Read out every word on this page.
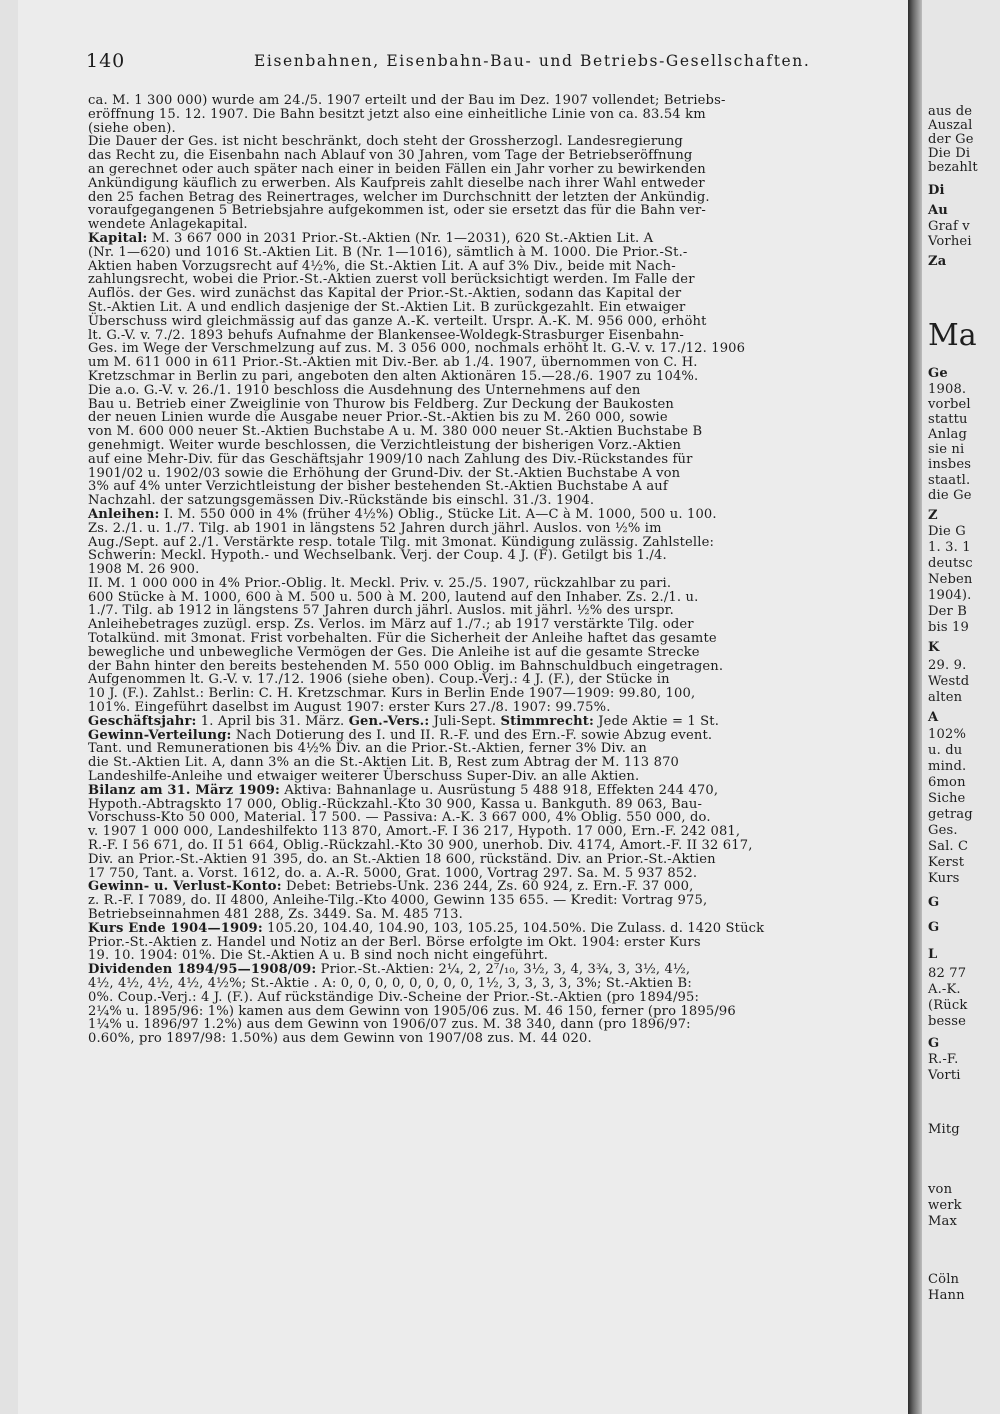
140	Eisenbahnen, Eisenbahn-Bau- und Betriebs-Gesellschaften.
ca. M. 1 300 000) wurde am 24./5. 1907 erteilt und der Bau im Dez. 1907 vollendet; Betriebs-
eröffnung 15. 12. 1907. Die Bahn besitzt jetzt also eine einheitliche Linie von ca. 83.54 km
(siehe oben).
Die Dauer der Ges. ist nicht beschränkt, doch steht der Grossherzogl. Landesregierung
das Recht zu, die Eisenbahn nach Ablauf von 30 Jahren, vom Tage der Betriebseröffnung
an gerechnet oder auch später nach einer in beiden Fällen ein Jahr vorher zu bewirkenden
Ankündigung käuflich zu erwerben. Als Kaufpreis zahlt dieselbe nach ihrer Wahl entweder
den 25 fachen Betrag des Reinertrages, welcher im Durchschnitt der letzten der Ankündig.
voraufgegangenen 5 Betriebsjahre aufgekommen ist, oder sie ersetzt das für die Bahn ver-
wendete Anlagekapital.
Kapital: M. 3 667 000 in 2031 Prior.-St.-Aktien (Nr. 1—2031), 620 St.-Aktien Lit. A
(Nr. 1—620) und 1016 St.-Aktien Lit. B (Nr. 1—1016), sämtlich à M. 1000. Die Prior.-St.-
Aktien haben Vorzugsrecht auf 4½%, die St.-Aktien Lit. A auf 3% Div., beide mit Nach-
zahlungsrecht, wobei die Prior.-St.-Aktien zuerst voll berücksichtigt werden. Im Falle der
Auflös. der Ges. wird zunächst das Kapital der Prior.-St.-Aktien, sodann das Kapital der
St.-Aktien Lit. A und endlich dasjenige der St.-Aktien Lit. B zurückgezahlt. Ein etwaiger
Überschuss wird gleichmässig auf das ganze A.-K. verteilt. Urspr. A.-K. M. 956 000, erhöht
lt. G.-V. v. 7./2. 1893 behufs Aufnahme der Blankensee-Woldegk-Strasburger Eisenbahn-
Ges. im Wege der Verschmelzung auf zus. M. 3 056 000, nochmals erhöht lt. G.-V. v. 17./12. 1906
um M. 611 000 in 611 Prior.-St.-Aktien mit Div.-Ber. ab 1./4. 1907, übernommen von C. H.
Kretzschmar in Berlin zu pari, angeboten den alten Aktionären 15.—28./6. 1907 zu 104%.
Die a.o. G.-V. v. 26./1. 1910 beschloss die Ausdehnung des Unternehmens auf den
Bau u. Betrieb einer Zweiglinie von Thurow bis Feldberg. Zur Deckung der Baukosten
der neuen Linien wurde die Ausgabe neuer Prior.-St.-Aktien bis zu M. 260 000, sowie
von M. 600 000 neuer St.-Aktien Buchstabe A u. M. 380 000 neuer St.-Aktien Buchstabe B
genehmigt. Weiter wurde beschlossen, die Verzichtleistung der bisherigen Vorz.-Aktien
auf eine Mehr-Div. für das Geschäftsjahr 1909/10 nach Zahlung des Div.-Rückstandes für
1901/02 u. 1902/03 sowie die Erhöhung der Grund-Div. der St.-Aktien Buchstabe A von
3% auf 4% unter Verzichtleistung der bisher bestehenden St.-Aktien Buchstabe A auf
Nachzahl. der satzungsgemässen Div.-Rückstände bis einschl. 31./3. 1904.
Anleihen: I. M. 550 000 in 4% (früher 4½%) Oblig., Stücke Lit. A—C à M. 1000, 500 u. 100.
Zs. 2./1. u. 1./7. Tilg. ab 1901 in längstens 52 Jahren durch jährl. Auslos. von ½% im
Aug./Sept. auf 2./1. Verstärkte resp. totale Tilg. mit 3monat. Kündigung zulässig. Zahlstelle:
Schwerin: Meckl. Hypoth.- und Wechselbank. Verj. der Coup. 4 J. (F). Getilgt bis 1./4.
1908 M. 26 900.
II. M. 1 000 000 in 4% Prior.-Oblig. lt. Meckl. Priv. v. 25./5. 1907, rückzahlbar zu pari.
600 Stücke à M. 1000, 600 à M. 500 u. 500 à M. 200, lautend auf den Inhaber. Zs. 2./1. u.
1./7. Tilg. ab 1912 in längstens 57 Jahren durch jährl. Auslos. mit jährl. ½% des urspr.
Anleihebetrages zuzügl. ersp. Zs. Verlos. im März auf 1./7.; ab 1917 verstärkte Tilg. oder
Totalkünd. mit 3monat. Frist vorbehalten. Für die Sicherheit der Anleihe haftet das gesamte
bewegliche und unbewegliche Vermögen der Ges. Die Anleihe ist auf die gesamte Strecke
der Bahn hinter den bereits bestehenden M. 550 000 Oblig. im Bahnschuldbuch eingetragen.
Aufgenommen lt. G.-V. v. 17./12. 1906 (siehe oben). Coup.-Verj.: 4 J. (F.), der Stücke in
10 J. (F.). Zahlst.: Berlin: C. H. Kretzschmar. Kurs in Berlin Ende 1907—1909: 99.80, 100,
101%. Eingeführt daselbst im August 1907: erster Kurs 27./8. 1907: 99.75%.
Geschäftsjahr: 1. April bis 31. März. Gen.-Vers.: Juli-Sept. Stimmrecht: Jede Aktie = 1 St.
Gewinn-Verteilung: Nach Dotierung des I. und II. R.-F. und des Ern.-F. sowie Abzug event.
Tant. und Remunerationen bis 4½% Div. an die Prior.-St.-Aktien, ferner 3% Div. an
die St.-Aktien Lit. A, dann 3% an die St.-Aktien Lit. B, Rest zum Abtrag der M. 113 870
Landeshilfe-Anleihe und etwaiger weiterer Überschuss Super-Div. an alle Aktien.
Bilanz am 31. März 1909: Aktiva: Bahnanlage u. Ausrüstung 5 488 918, Effekten 244 470,
Hypoth.-Abtragskto 17 000, Oblig.-Rückzahl.-Kto 30 900, Kassa u. Bankguth. 89 063, Bau-
Vorschuss-Kto 50 000, Material. 17 500. — Passiva: A.-K. 3 667 000, 4% Oblig. 550 000, do.
v. 1907 1 000 000, Landeshilfekto 113 870, Amort.-F. I 36 217, Hypoth. 17 000, Ern.-F. 242 081,
R.-F. I 56 671, do. II 51 664, Oblig.-Rückzahl.-Kto 30 900, unerhob. Div. 4174, Amort.-F. II 32 617,
Div. an Prior.-St.-Aktien 91 395, do. an St.-Aktien 18 600, rückständ. Div. an Prior.-St.-Aktien
17 750, Tant. a. Vorst. 1612, do. a. A.-R. 5000, Grat. 1000, Vortrag 297. Sa. M. 5 937 852.
Gewinn- u. Verlust-Konto: Debet: Betriebs-Unk. 236 244, Zs. 60 924, z. Ern.-F. 37 000,
z. R.-F. I 7089, do. II 4800, Anleihe-Tilg.-Kto 4000, Gewinn 135 655. — Kredit: Vortrag 975,
Betriebseinnahmen 481 288, Zs. 3449. Sa. M. 485 713.
Kurs Ende 1904—1909: 105.20, 104.40, 104.90, 103, 105.25, 104.50%. Die Zulass. d. 1420 Stück
Prior.-St.-Aktien z. Handel und Notiz an der Berl. Börse erfolgte im Okt. 1904: erster Kurs
19. 10. 1904: 01%. Die St.-Aktien A u. B sind noch nicht eingeführt.
Dividenden 1894/95—1908/09: Prior.-St.-Aktien: 2¼, 2, 2⁷/₁₀, 3½, 3, 4, 3¾, 3, 3½, 4½,
4½, 4½, 4½, 4½, 4½%; St.-Aktie . A: 0, 0, 0, 0, 0, 0, 0, 0, 1½, 3, 3, 3, 3, 3%; St.-Aktien B:
0%. Coup.-Verj.: 4 J. (F.). Auf rückständige Div.-Scheine der Prior.-St.-Aktien (pro 1894/95:
2¼% u. 1895/96: 1%) kamen aus dem Gewinn von 1905/06 zus. M. 46 150, ferner (pro 1895/96
1¼% u. 1896/97 1.2%) aus dem Gewinn von 1906/07 zus. M. 38 340, dann (pro 1896/97:
0.60%, pro 1897/98: 1.50%) aus dem Gewinn von 1907/08 zus. M. 44 020.
aus de
Auszal
der Ge
Die Di
bezahlt
Di
Au
Graf v
Vorhei
Za
Ma
Ge
1908.
vorbel
stattu
Anlag
sie ni
insbes
staatl.
die Ge
Z
Die G
1. 3. 1
deutsc
Neben
1904).
Der B
bis 19
K
29. 9.
Westd
alten
A
102%
u. du
mind.
6mon
Siche
getrag
Ges.
Sal. C
Kerst
Kurs
G
G
L
82 77
A.-K.
(Rück
besse
G
R.-F.
Vorti
Mitg
von
werk
Max
Cöln
Hann
